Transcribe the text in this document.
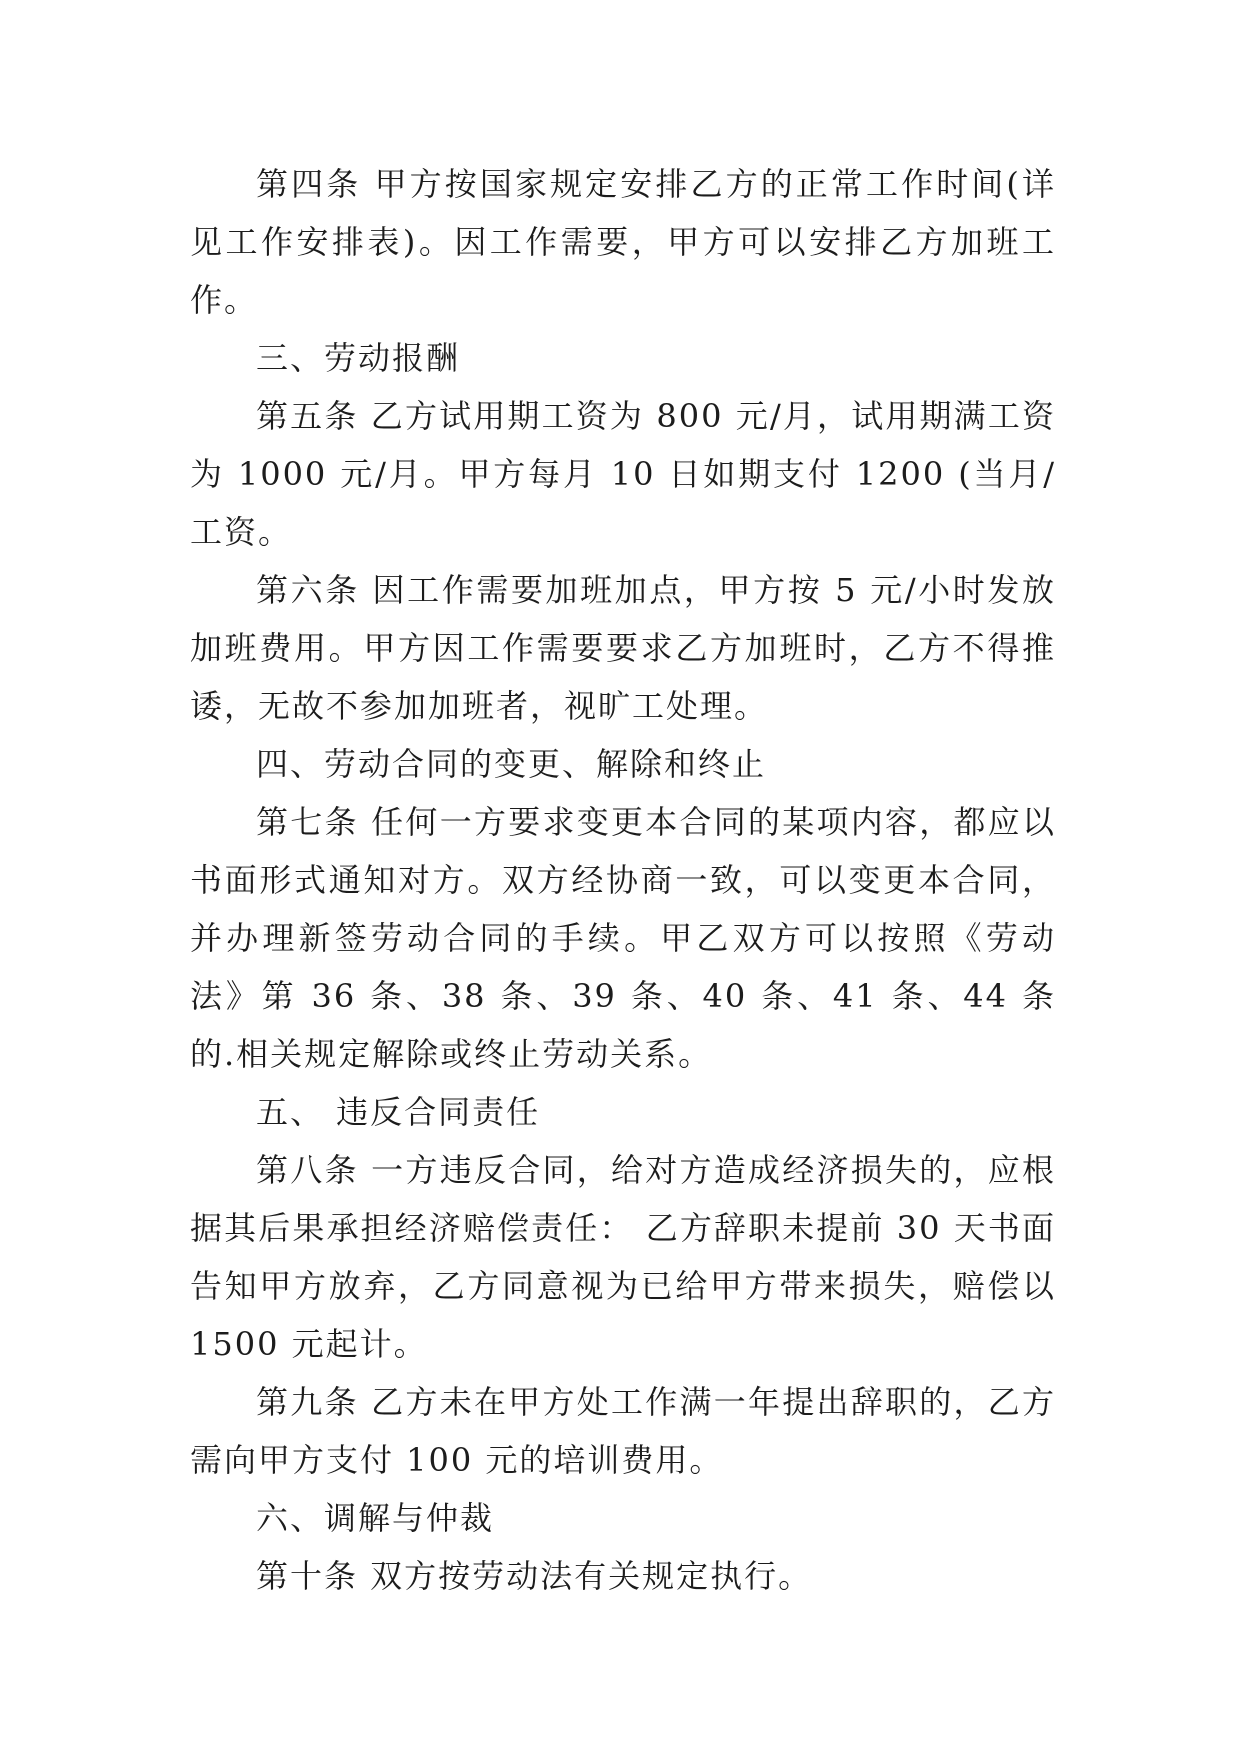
第四条 甲方按国家规定安排乙方的正常工作时间(详见工作安排表)。因工作需要，甲方可以安排乙方加班工作。

三、劳动报酬

第五条 乙方试用期工资为 800 元/月，试用期满工资为 1000 元/月。甲方每月 10 日如期支付 1200 (当月/工资。

第六条 因工作需要加班加点，甲方按 5 元/小时发放加班费用。甲方因工作需要要求乙方加班时，乙方不得推诿，无故不参加加班者，视旷工处理。

四、劳动合同的变更、解除和终止

第七条 任何一方要求变更本合同的某项内容，都应以书面形式通知对方。双方经协商一致，可以变更本合同，并办理新签劳动合同的手续。甲乙双方可以按照《劳动法》第 36 条、38 条、39 条、40 条、41 条、44 条的.相关规定解除或终止劳动关系。

五、 违反合同责任

第八条 一方违反合同，给对方造成经济损失的，应根据其后果承担经济赔偿责任： 乙方辞职未提前 30 天书面告知甲方放弃，乙方同意视为已给甲方带来损失，赔偿以 1500 元起计。

第九条 乙方未在甲方处工作满一年提出辞职的，乙方需向甲方支付 100 元的培训费用。

六、调解与仲裁

第十条 双方按劳动法有关规定执行。
